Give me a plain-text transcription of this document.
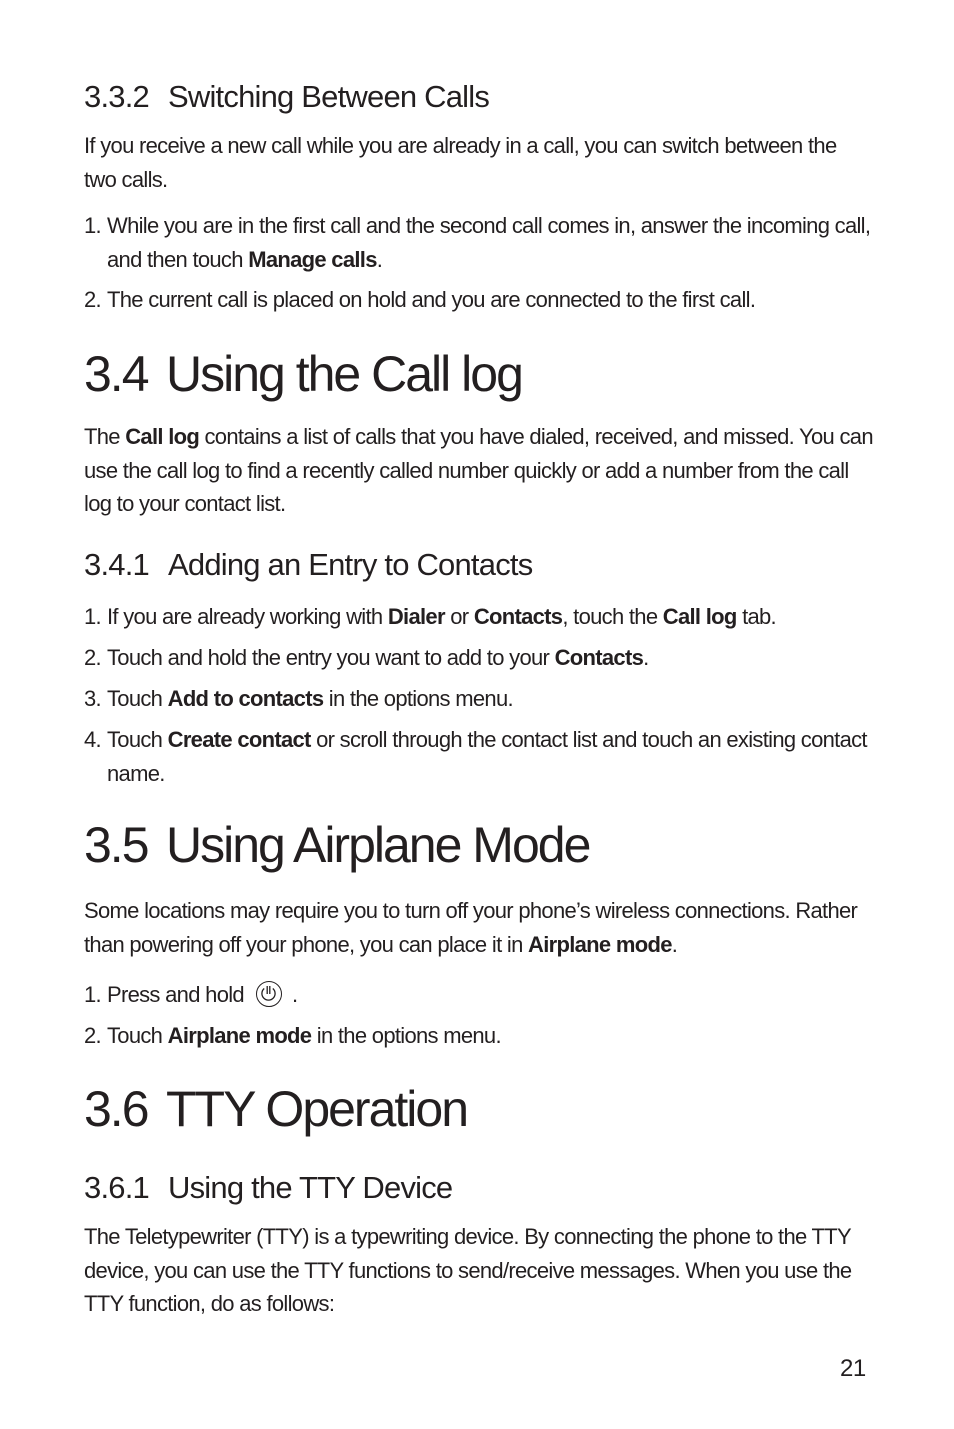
3.3.2 Switching Between Calls

If you receive a new call while you are already in a call, you can switch between the two calls.

1. While you are in the first call and the second call comes in, answer the incoming call, and then touch Manage calls.
2. The current call is placed on hold and you are connected to the first call.
3.4 Using the Call log

The Call log contains a list of calls that you have dialed, received, and missed. You can use the call log to find a recently called number quickly or add a number from the call log to your contact list.

3.4.1 Adding an Entry to Contacts
1. If you are already working with Dialer or Contacts, touch the Call log tab.
2. Touch and hold the entry you want to add to your Contacts.
3. Touch Add to contacts in the options menu.
4. Touch Create contact or scroll through the contact list and touch an existing contact name.
3.5 Using Airplane Mode

Some locations may require you to turn off your phone’s wireless connections. Rather than powering off your phone, you can place it in Airplane mode.

1. Press and hold .
2. Touch Airplane mode in the options menu.
3.6 TTY Operation
3.6.1 Using the TTY Device

The Teletypewriter (TTY) is a typewriting device. By connecting the phone to the TTY device, you can use the TTY functions to send/receive messages. When you use the TTY function, do as follows:

21
